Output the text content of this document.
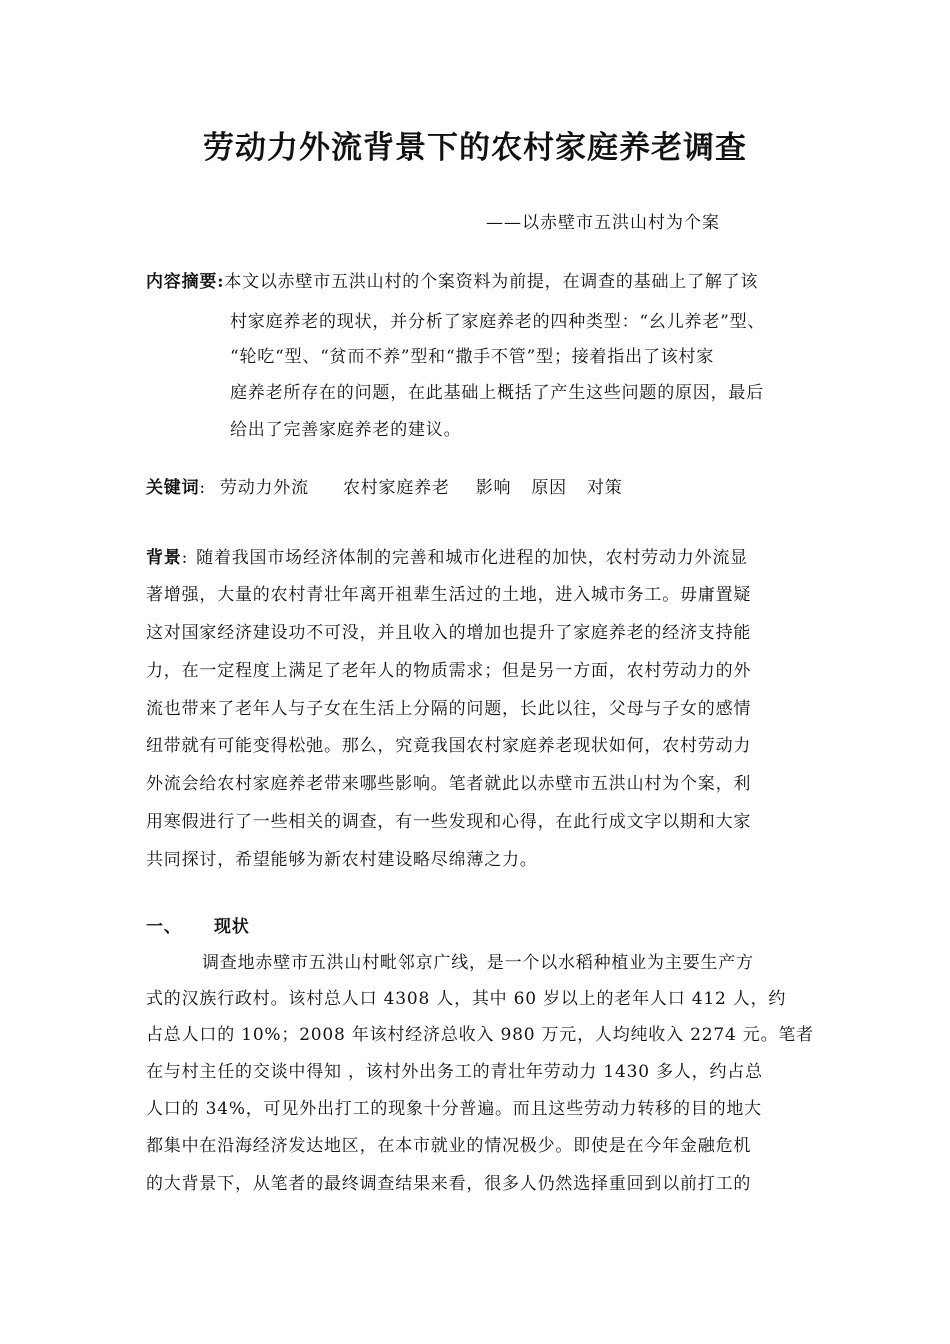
劳动力外流背景下的农村家庭养老调查
——以赤壁市五洪山村为个案
内容摘要:本文以赤壁市五洪山村的个案资料为前提，在调查的基础上了解了该
村家庭养老的现状，并分析了家庭养老的四种类型：“幺儿养老”型、
“轮吃“型、“贫而不养”型和“撒手不管”型；接着指出了该村家
庭养老所存在的问题，在此基础上概括了产生这些问题的原因，最后
给出了完善家庭养老的建议。
关键词: 劳动力外流 农村家庭养老 影响 原因 对策
背景: 随着我国市场经济体制的完善和城市化进程的加快，农村劳动力外流显
著增强，大量的农村青壮年离开祖辈生活过的土地，进入城市务工。毋庸置疑
这对国家经济建设功不可没，并且收入的增加也提升了家庭养老的经济支持能
力，在一定程度上满足了老年人的物质需求；但是另一方面，农村劳动力的外
流也带来了老年人与子女在生活上分隔的问题，长此以往，父母与子女的感情
纽带就有可能变得松弛。那么，究竟我国农村家庭养老现状如何，农村劳动力
外流会给农村家庭养老带来哪些影响。笔者就此以赤壁市五洪山村为个案，利
用寒假进行了一些相关的调查，有一些发现和心得，在此行成文字以期和大家
共同探讨，希望能够为新农村建设略尽绵薄之力。
一、 现状
调查地赤壁市五洪山村毗邻京广线，是一个以水稻种植业为主要生产方
式的汉族行政村。该村总人口 4308 人，其中 60 岁以上的老年人口 412 人，约
占总人口的 10%；2008 年该村经济总收入 980 万元，人均纯收入 2274 元。笔者
在与村主任的交谈中得知 ，该村外出务工的青壮年劳动力 1430 多人，约占总
人口的 34%，可见外出打工的现象十分普遍。而且这些劳动力转移的目的地大
都集中在沿海经济发达地区，在本市就业的情况极少。即使是在今年金融危机
的大背景下，从笔者的最终调查结果来看，很多人仍然选择重回到以前打工的
